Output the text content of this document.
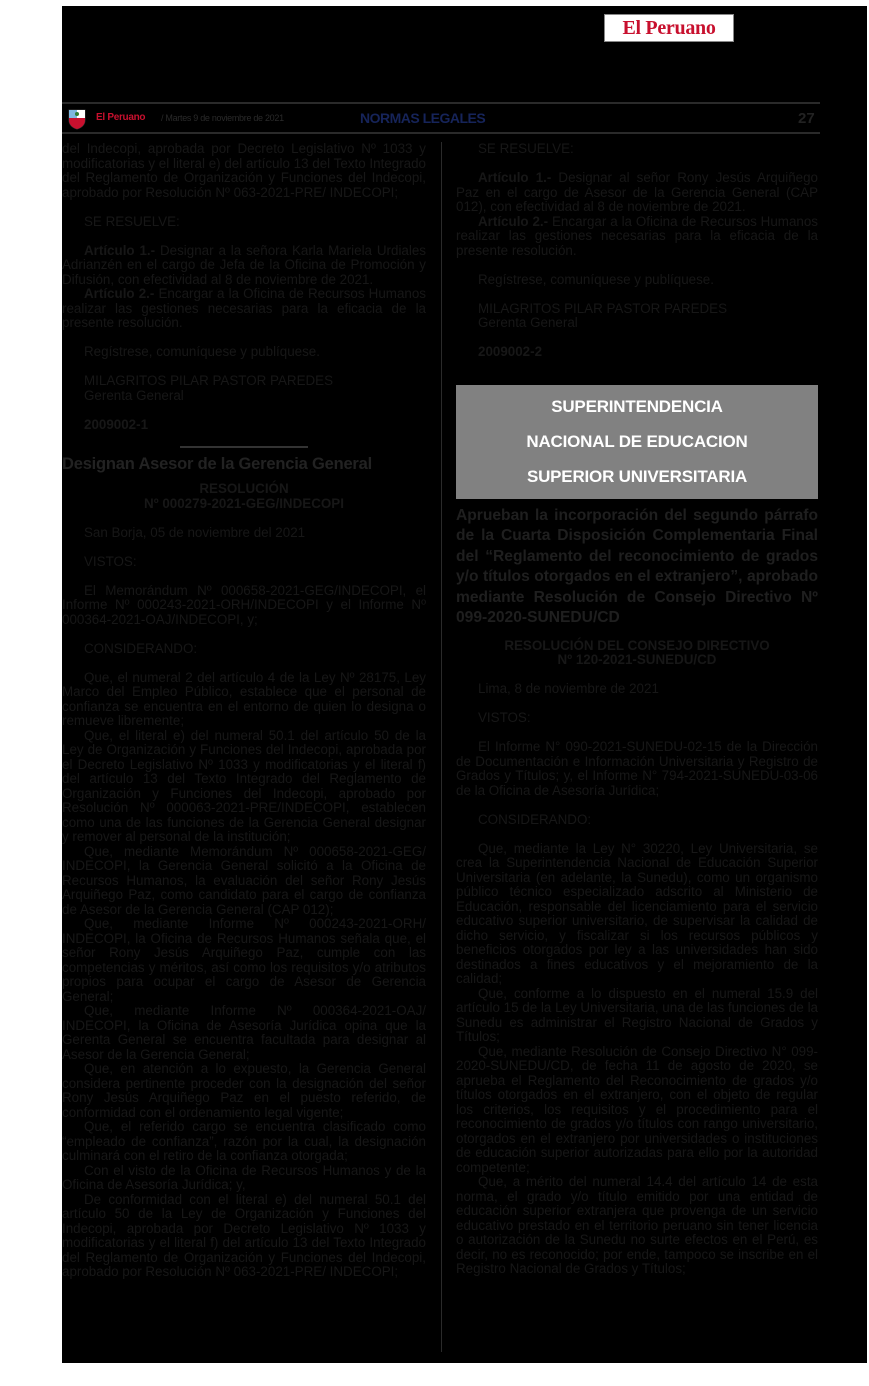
El Peruano
El Peruano / Martes 9 de noviembre de 2021	NORMAS LEGALES	27

del Indecopi, aprobada por Decreto Legislativo Nº 1033 y modificatorias y el literal e) del artículo 13 del Texto Integrado del Reglamento de Organización y Funciones del Indecopi, aprobado por Resolución Nº 063-2021-PRE/ INDECOPI;

SE RESUELVE:

Artículo 1.- Designar a la señora Karla Mariela Urdiales Adrianzén en el cargo de Jefa de la Oficina de Promoción y Difusión, con efectividad al 8 de noviembre de 2021.

Artículo 2.- Encargar a la Oficina de Recursos Humanos realizar las gestiones necesarias para la eficacia de la presente resolución.

Regístrese, comuníquese y publíquese.

MILAGRITOS PILAR PASTOR PAREDES

Gerenta General

2009002-1

Designan Asesor de la Gerencia General

RESOLUCIÓN

Nº 000279-2021-GEG/INDECOPI

San Borja, 05 de noviembre del 2021

VISTOS:

El Memorándum Nº 000658-2021-GEG/INDECOPI, el Informe Nº 000243-2021-ORH/INDECOPI y el Informe Nº 000364-2021-OAJ/INDECOPI, y;

CONSIDERANDO:

Que, el numeral 2 del artículo 4 de la Ley Nº 28175, Ley Marco del Empleo Público, establece que el personal de confianza se encuentra en el entorno de quien lo designa o remueve libremente;

Que, el literal e) del numeral 50.1 del artículo 50 de la Ley de Organización y Funciones del Indecopi, aprobada por el Decreto Legislativo Nº 1033 y modificatorias y el literal f) del artículo 13 del Texto Integrado del Reglamento de Organización y Funciones del Indecopi, aprobado por Resolución Nº 000063-2021-PRE/INDECOPI, establecen como una de las funciones de la Gerencia General designar y remover al personal de la institución;

Que, mediante Memorándum Nº 000658-2021-GEG/ INDECOPI, la Gerencia General solicitó a la Oficina de Recursos Humanos, la evaluación del señor Rony Jesús Arquiñego Paz, como candidato para el cargo de confianza de Asesor de la Gerencia General (CAP 012);

Que, mediante Informe Nº 000243-2021-ORH/ INDECOPI, la Oficina de Recursos Humanos señala que, el señor Rony Jesús Arquiñego Paz, cumple con las competencias y méritos, así como los requisitos y/o atributos propios para ocupar el cargo de Asesor de Gerencia General;

Que, mediante Informe Nº 000364-2021-OAJ/ INDECOPI, la Oficina de Asesoría Jurídica opina que la Gerenta General se encuentra facultada para designar al Asesor de la Gerencia General;

Que, en atención a lo expuesto, la Gerencia General considera pertinente proceder con la designación del señor Rony Jesús Arquiñego Paz en el puesto referido, de conformidad con el ordenamiento legal vigente;

Que, el referido cargo se encuentra clasificado como “empleado de confianza”, razón por la cual, la designación culminará con el retiro de la confianza otorgada;

Con el visto de la Oficina de Recursos Humanos y de la Oficina de Asesoría Jurídica; y,

De conformidad con el literal e) del numeral 50.1 del artículo 50 de la Ley de Organización y Funciones del Indecopi, aprobada por Decreto Legislativo Nº 1033 y modificatorias y el literal f) del artículo 13 del Texto Integrado del Reglamento de Organización y Funciones del Indecopi, aprobado por Resolución Nº 063-2021-PRE/ INDECOPI;

SE RESUELVE:

Artículo 1.- Designar al señor Rony Jesús Arquiñego Paz en el cargo de Asesor de la Gerencia General (CAP 012), con efectividad al 8 de noviembre de 2021.

Artículo 2.- Encargar a la Oficina de Recursos Humanos realizar las gestiones necesarias para la eficacia de la presente resolución.

Regístrese, comuníquese y publíquese.

MILAGRITOS PILAR PASTOR PAREDES

Gerenta General

2009002-2

SUPERINTENDENCIA
NACIONAL DE EDUCACION
SUPERIOR UNIVERSITARIA

Aprueban la incorporación del segundo párrafo de la Cuarta Disposición Complementaria Final del “Reglamento del reconocimiento de grados y/o títulos otorgados en el extranjero”, aprobado mediante Resolución de Consejo Directivo Nº 099-2020-SUNEDU/CD

RESOLUCIÓN DEL CONSEJO DIRECTIVO

Nº 120-2021-SUNEDU/CD

Lima, 8 de noviembre de 2021

VISTOS:

El Informe N° 090-2021-SUNEDU-02-15 de la Dirección de Documentación e Información Universitaria y Registro de Grados y Títulos; y, el Informe N° 794-2021-SUNEDU-03-06 de la Oficina de Asesoría Jurídica;

CONSIDERANDO:

Que, mediante la Ley N° 30220, Ley Universitaria, se crea la Superintendencia Nacional de Educación Superior Universitaria (en adelante, la Sunedu), como un organismo público técnico especializado adscrito al Ministerio de Educación, responsable del licenciamiento para el servicio educativo superior universitario, de supervisar la calidad de dicho servicio, y fiscalizar si los recursos públicos y beneficios otorgados por ley a las universidades han sido destinados a fines educativos y el mejoramiento de la calidad;

Que, conforme a lo dispuesto en el numeral 15.9 del artículo 15 de la Ley Universitaria, una de las funciones de la Sunedu es administrar el Registro Nacional de Grados y Títulos;

Que, mediante Resolución de Consejo Directivo N° 099-2020-SUNEDU/CD, de fecha 11 de agosto de 2020, se aprueba el Reglamento del Reconocimiento de grados y/o títulos otorgados en el extranjero, con el objeto de regular los criterios, los requisitos y el procedimiento para el reconocimiento de grados y/o títulos con rango universitario, otorgados en el extranjero por universidades o instituciones de educación superior autorizadas para ello por la autoridad competente;

Que, a mérito del numeral 14.4 del artículo 14 de esta norma, el grado y/o título emitido por una entidad de educación superior extranjera que provenga de un servicio educativo prestado en el territorio peruano sin tener licencia o autorización de la Sunedu no surte efectos en el Perú, es decir, no es reconocido; por ende, tampoco se inscribe en el Registro Nacional de Grados y Títulos;
